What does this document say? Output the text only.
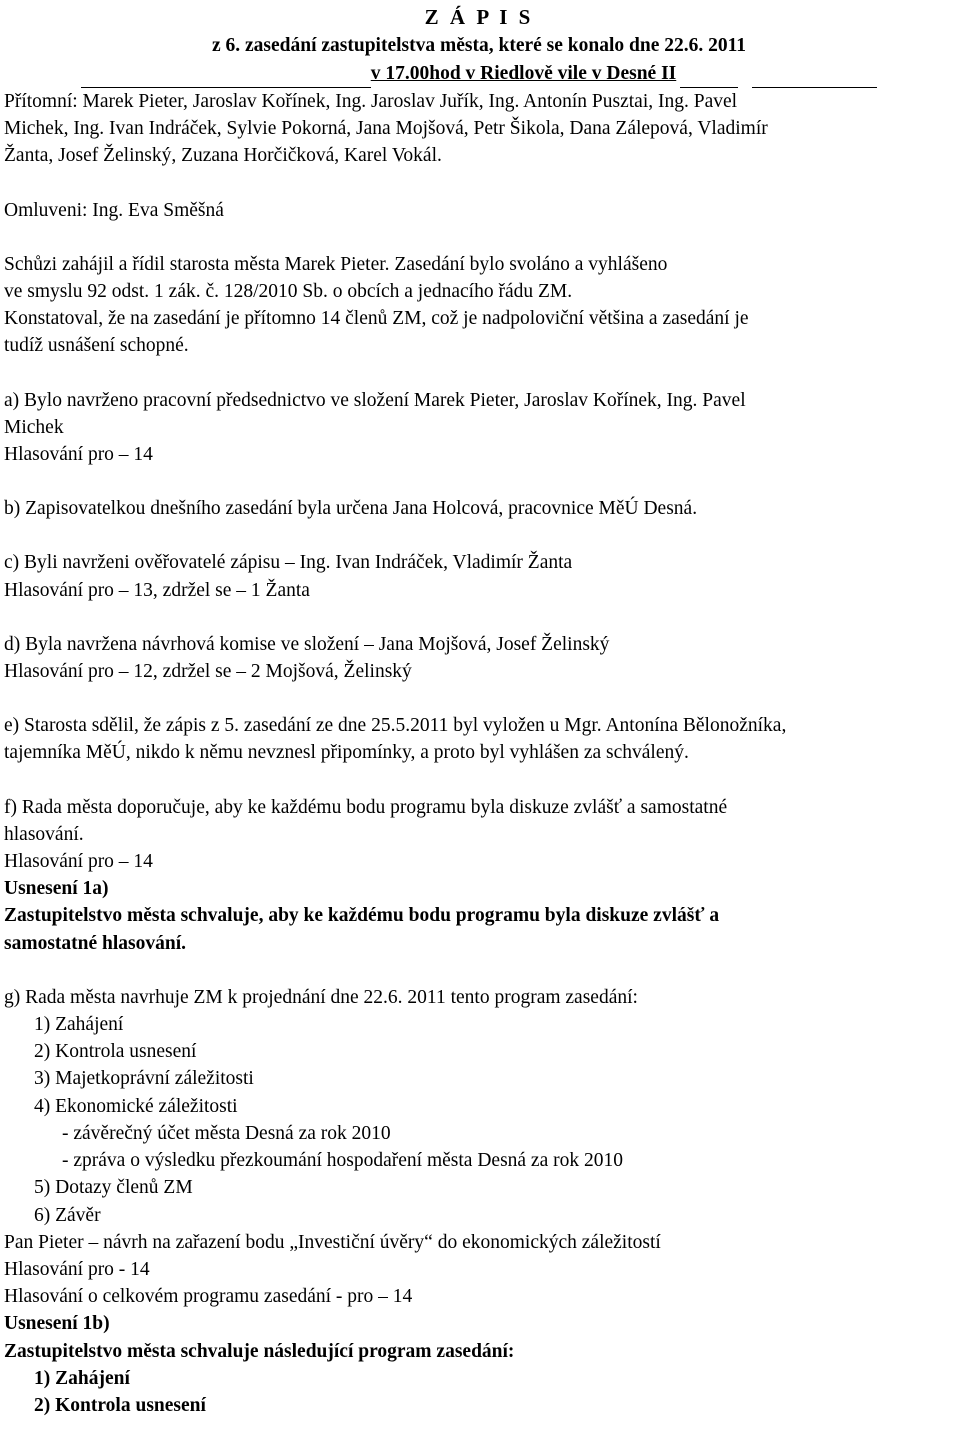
Z Á P I S
z 6. zasedání zastupitelstva města, které se konalo dne 22.6. 2011
v 17.00hod v Riedlově vile v Desné II
Přítomní: Marek Pieter, Jaroslav Kořínek, Ing. Jaroslav Juřík, Ing. Antonín Pusztai, Ing. Pavel
Michek, Ing. Ivan Indráček, Sylvie Pokorná, Jana Mojšová, Petr Šikola, Dana Zálepová, Vladimír
Žanta, Josef Želinský, Zuzana Horčičková, Karel Vokál.
Omluveni: Ing. Eva Směšná
Schůzi zahájil a řídil starosta města Marek Pieter. Zasedání bylo svoláno a vyhlášeno
ve smyslu 92 odst. 1 zák. č. 128/2010 Sb. o obcích a jednacího řádu ZM.
Konstatoval, že na zasedání je přítomno 14 členů ZM, což je nadpoloviční většina a zasedání je
tudíž usnášení schopné.
a) Bylo navrženo pracovní předsednictvo ve složení Marek Pieter, Jaroslav Kořínek, Ing. Pavel
Michek
Hlasování pro – 14
b) Zapisovatelkou dnešního zasedání byla určena Jana Holcová, pracovnice MěÚ Desná.
c) Byli navrženi ověřovatelé zápisu – Ing. Ivan Indráček, Vladimír Žanta
Hlasování pro – 13, zdržel se – 1 Žanta
d) Byla navržena návrhová komise ve složení – Jana Mojšová, Josef Želinský
Hlasování pro – 12, zdržel se – 2 Mojšová, Želinský
e) Starosta sdělil, že zápis z 5. zasedání ze dne 25.5.2011 byl vyložen u Mgr. Antonína Bělonožníka,
tajemníka MěÚ, nikdo k němu nevznesl připomínky, a proto byl vyhlášen za schválený.
f) Rada města doporučuje, aby ke každému bodu programu byla diskuze zvlášť a samostatné
hlasování.
Hlasování pro – 14
Usnesení 1a)
Zastupitelstvo města schvaluje, aby ke každému bodu programu byla diskuze zvlášť a
samostatné hlasování.
g) Rada města navrhuje ZM k projednání dne 22.6. 2011 tento program zasedání:
1) Zahájení
2) Kontrola usnesení
3) Majetkoprávní záležitosti
4) Ekonomické záležitosti
- závěrečný účet města Desná za rok 2010
- zpráva o výsledku přezkoumání hospodaření města Desná za rok 2010
5) Dotazy členů ZM
6) Závěr
Pan Pieter – návrh na zařazení bodu „Investiční úvěry“ do ekonomických záležitostí
Hlasování pro - 14
Hlasování o celkovém programu zasedání - pro – 14
Usnesení 1b)
Zastupitelstvo města schvaluje následující program zasedání:
1) Zahájení
2) Kontrola usnesení
